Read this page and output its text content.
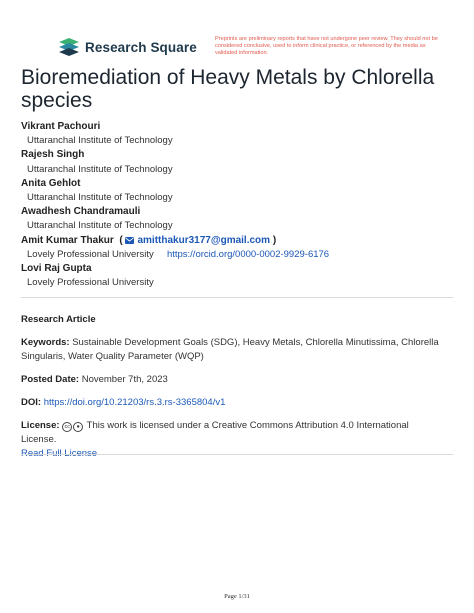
Research Square
Preprints are preliminary reports that have not undergone peer review. They should not be considered conclusive, used to inform clinical practice, or referenced by the media as validated information.
Bioremediation of Heavy Metals by Chlorella species
Vikrant Pachouri
Uttaranchal Institute of Technology
Rajesh Singh
Uttaranchal Institute of Technology
Anita Gehlot
Uttaranchal Institute of Technology
Awadhesh Chandramauli
Uttaranchal Institute of Technology
Amit Kumar Thakur  ( amitthakur3177@gmail.com )
Lovely Professional University https://orcid.org/0000-0002-9929-6176
Lovi Raj Gupta
Lovely Professional University
Research Article
Keywords: Sustainable Development Goals (SDG), Heavy Metals, Chlorella Minutissima, Chlorella Singularis, Water Quality Parameter (WQP)
Posted Date: November 7th, 2023
DOI: https://doi.org/10.21203/rs.3.rs-3365804/v1
License: cc ● This work is licensed under a Creative Commons Attribution 4.0 International License.

Page 1/31
